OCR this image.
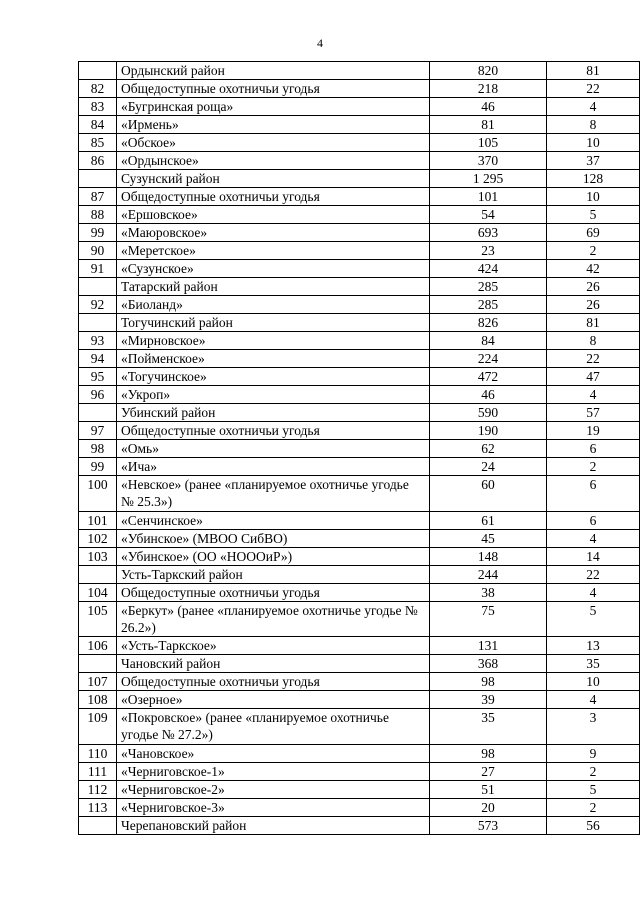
4
	Ордынский район	820	81
82	Общедоступные охотничьи угодья	218	22
83	«Бугринская роща»	46	4
84	«Ирмень»	81	8
85	«Обское»	105	10
86	«Ордынское»	370	37
	Сузунский район	1 295	128
87	Общедоступные охотничьи угодья	101	10
88	«Ершовское»	54	5
99	«Маюровское»	693	69
90	«Меретское»	23	2
91	«Сузунское»	424	42
	Татарский район	285	26
92	«Биоланд»	285	26
	Тогучинский район	826	81
93	«Мирновское»	84	8
94	«Пойменское»	224	22
95	«Тогучинское»	472	47
96	«Укроп»	46	4
	Убинский район	590	57
97	Общедоступные охотничьи угодья	190	19
98	«Омь»	62	6
99	«Ича»	24	2
100	«Невское» (ранее «планируемое охотничье угодье № 25.3»)	60	6
101	«Сенчинское»	61	6
102	«Убинское» (МВОО СибВО)	45	4
103	«Убинское» (ОО «НОООиР»)	148	14
	Усть-Таркский район	244	22
104	Общедоступные охотничьи угодья	38	4
105	«Беркут» (ранее «планируемое охотничье угодье № 26.2»)	75	5
106	«Усть-Таркское»	131	13
	Чановский район	368	35
107	Общедоступные охотничьи угодья	98	10
108	«Озерное»	39	4
109	«Покровское» (ранее «планируемое охотничье угодье № 27.2»)	35	3
110	«Чановское»	98	9
111	«Черниговское-1»	27	2
112	«Черниговское-2»	51	5
113	«Черниговское-3»	20	2
	Черепановский район	573	56
